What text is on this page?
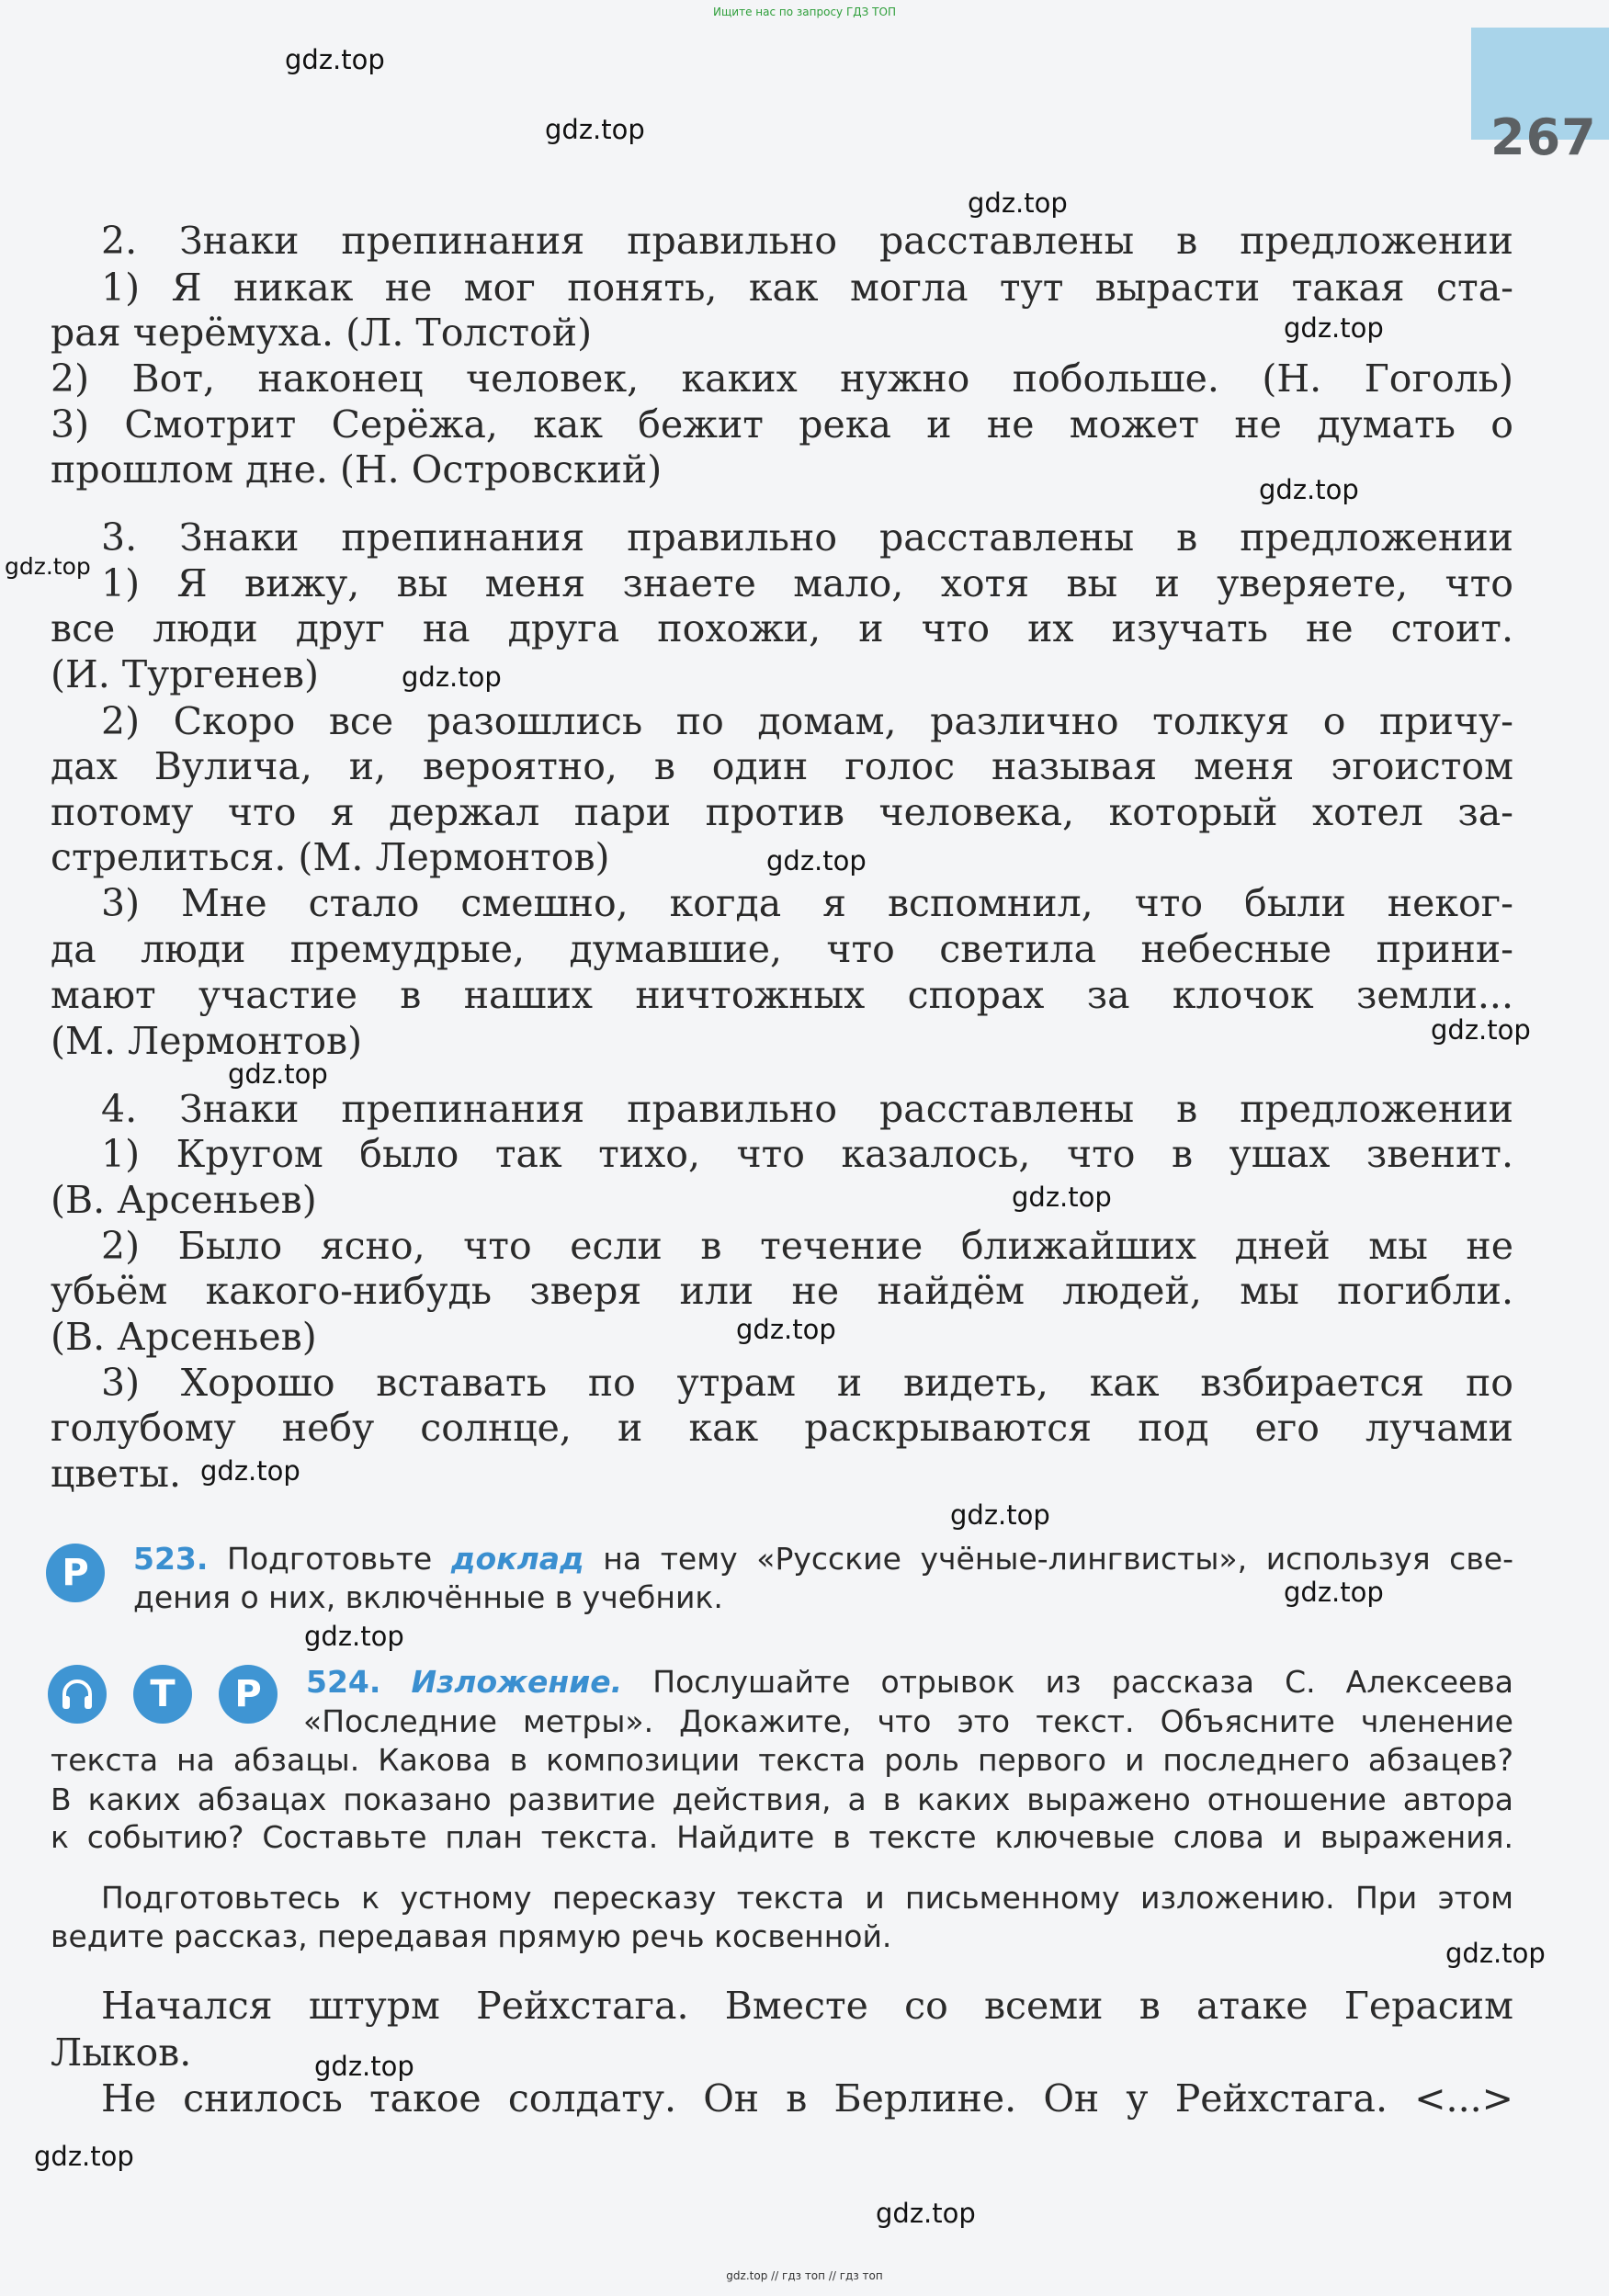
Ищите нас по запросу ГДЗ ТОП
267
2. Знаки препинания правильно расставлены в предложении
1) Я никак не мог понять, как могла тут вырасти такая ста-
рая черёмуха. (Л. Толстой)
2) Вот, наконец человек, каких нужно побольше. (Н. Гоголь)
3) Смотрит Серёжа, как бежит река и не может не думать о
прошлом дне. (Н. Островский)
3. Знаки препинания правильно расставлены в предложении
1) Я вижу, вы меня знаете мало, хотя вы и уверяете, что
все люди друг на друга похожи, и что их изучать не стоит.
(И. Тургенев)
2) Скоро все разошлись по домам, различно толкуя о причу-
дах Вулича, и, вероятно, в один голос называя меня эгоистом
потому что я держал пари против человека, который хотел за-
стрелиться. (М. Лермонтов)
3) Мне стало смешно, когда я вспомнил, что были неког-
да люди премудрые, думавшие, что светила небесные прини-
мают участие в наших ничтожных спорах за клочок земли...
(М. Лермонтов)
4. Знаки препинания правильно расставлены в предложении
1) Кругом было так тихо, что казалось, что в ушах звенит.
(В. Арсеньев)
2) Было ясно, что если в течение ближайших дней мы не
убьём какого-нибудь зверя или не найдём людей, мы погибли.
(В. Арсеньев)
3) Хорошо вставать по утрам и видеть, как взбирается по
голубому небу солнце, и как раскрываются под его лучами
цветы.
Р	523. Подготовьте доклад на тему «Русские учёные-лингвисты», используя све-
дения о них, включённые в учебник.
Т	Р	524. Изложение. Послушайте отрывок из рассказа С. Алексеева
«Последние метры». Докажите, что это текст. Объясните членение
текста на абзацы. Какова в композиции текста роль первого и последнего абзацев?
В каких абзацах показано развитие действия, а в каких выражено отношение автора
к событию? Составьте план текста. Найдите в тексте ключевые слова и выражения.
Подготовьтесь к устному пересказу текста и письменному изложению. При этом
ведите рассказ, передавая прямую речь косвенной.
Начался штурм Рейхстага. Вместе со всеми в атаке Герасим
Лыков.
Не снилось такое солдату. Он в Берлине. Он у Рейхстага. <...>
gdz.top // гдз топ // гдз топ
gdz.top
gdz.top
gdz.top
gdz.top
gdz.top
gdz.top
gdz.top
gdz.top
gdz.top
gdz.top
gdz.top
gdz.top
gdz.top
gdz.top
gdz.top
gdz.top
gdz.top
gdz.top
gdz.top
gdz.top
